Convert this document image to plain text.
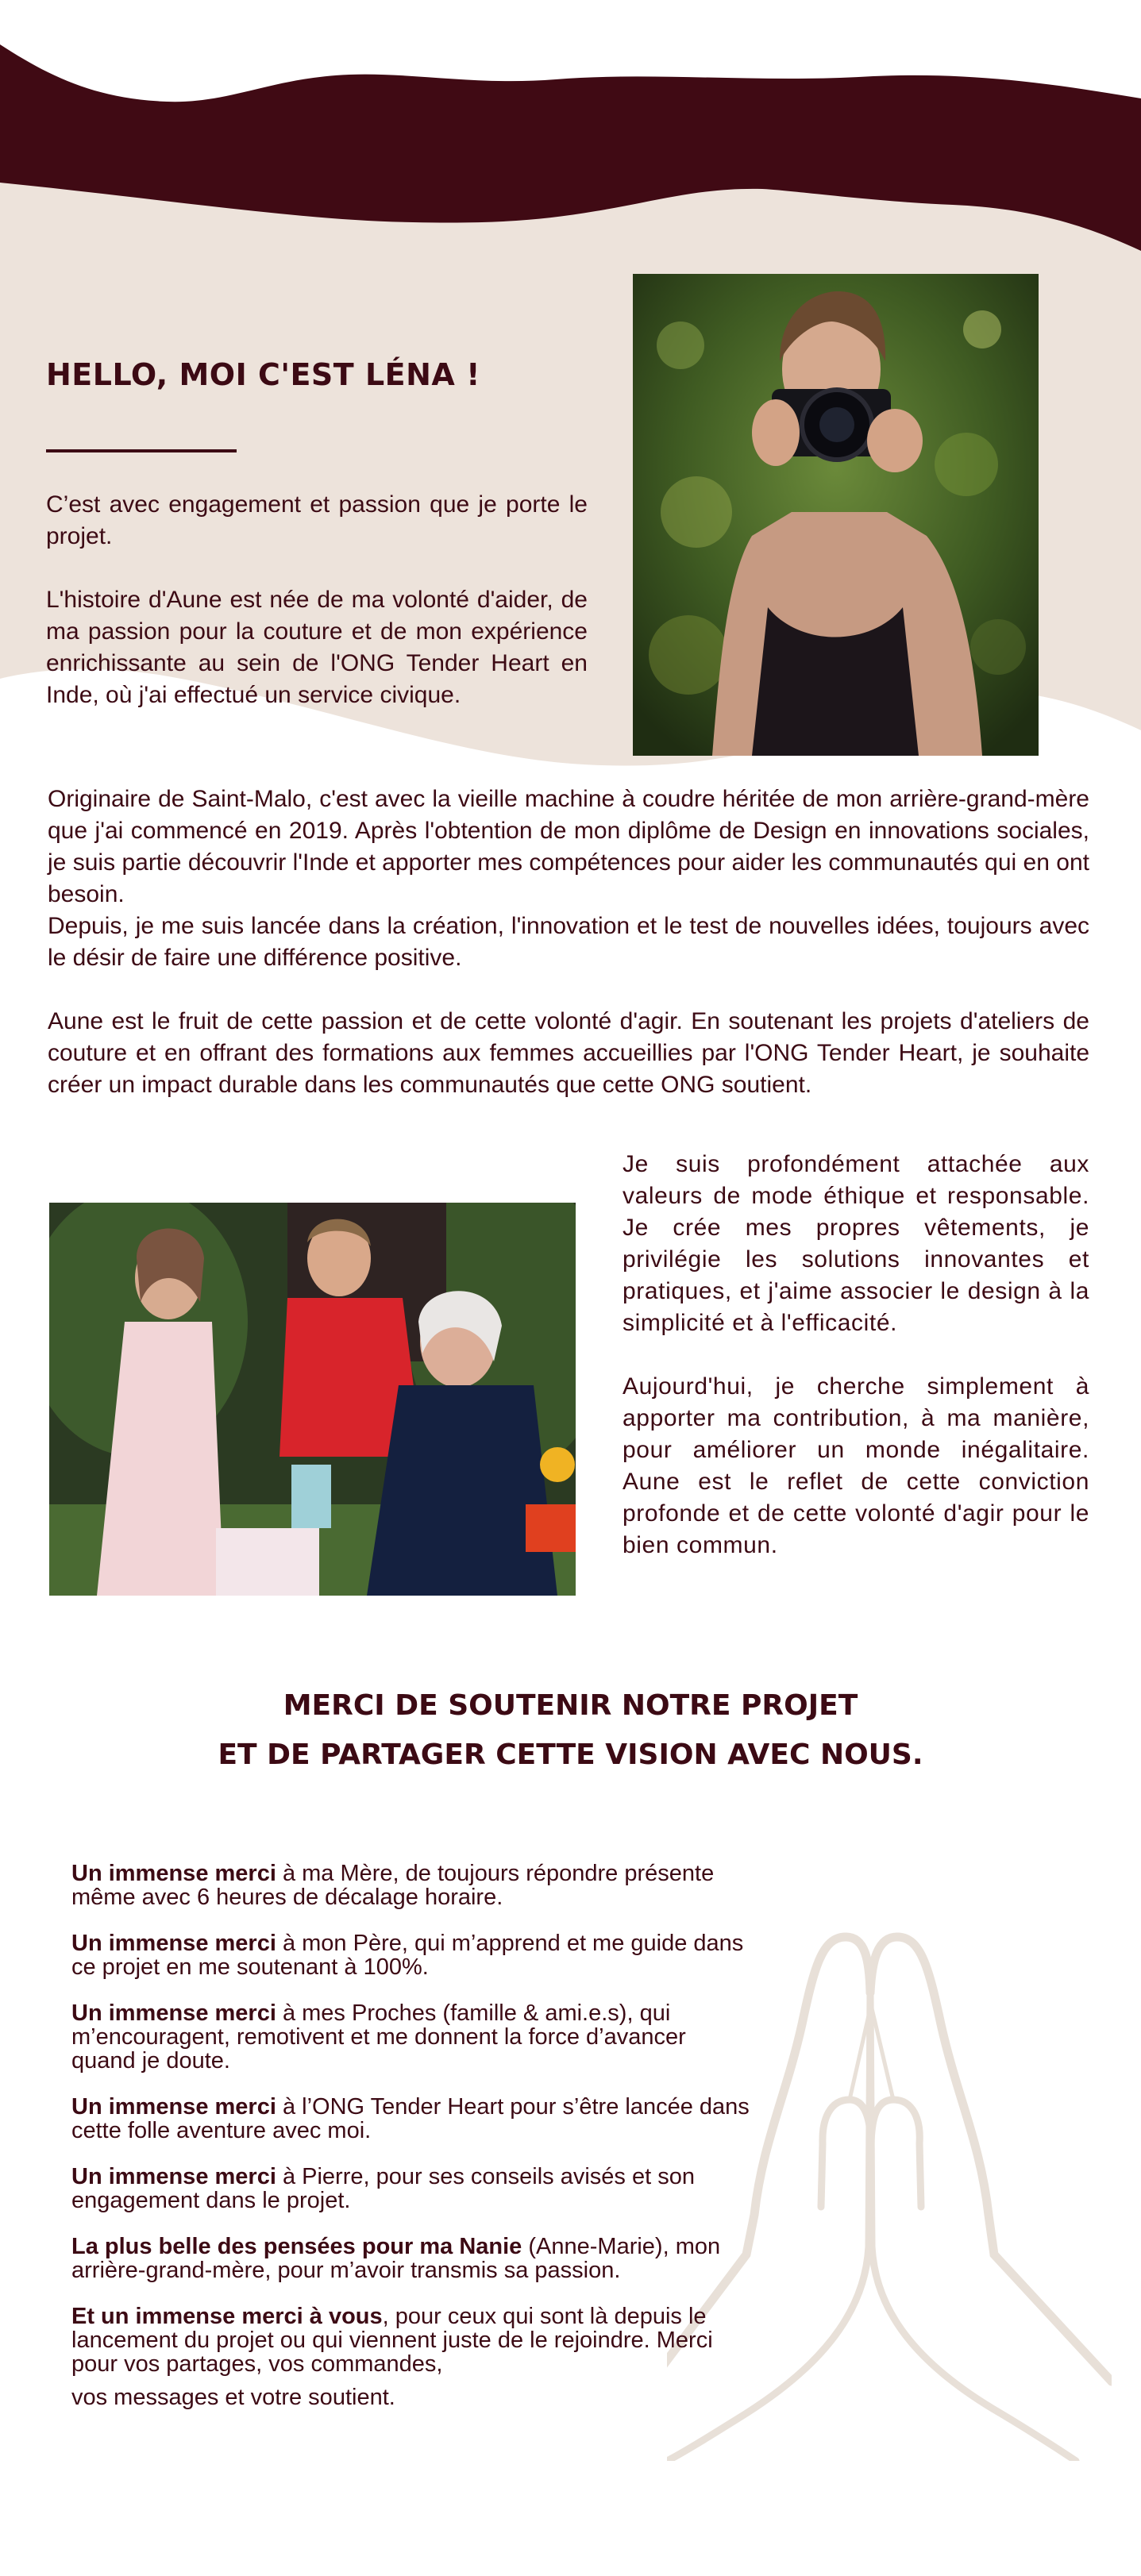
HELLO, MOI C'EST LÉNA !

C’est avec engagement et passion que je porte le projet.

L'histoire d'Aune est née de ma volonté d'aider, de ma passion pour la couture et de mon expérience enrichissante au sein de l'ONG Tender Heart en Inde, où j'ai effectué un service civique.

Originaire de Saint-Malo, c'est avec la vieille machine à coudre héritée de mon arrière-grand-mère que j'ai commencé en 2019. Après l'obtention de mon diplôme de Design en innovations sociales, je suis partie découvrir l'Inde et apporter mes compétences pour aider les communautés qui en ont besoin.

Depuis, je me suis lancée dans la création, l'innovation et le test de nouvelles idées, toujours avec le désir de faire une différence positive.

Aune est le fruit de cette passion et de cette volonté d'agir. En soutenant les projets d'ateliers de couture et en offrant des formations aux femmes accueillies par l'ONG Tender Heart, je souhaite créer un impact durable dans les communautés que cette ONG soutient.

Je suis profondément attachée aux valeurs de mode éthique et responsable. Je crée mes propres vêtements, je privilégie les solutions innovantes et pratiques, et j'aime associer le design à la simplicité et à l'efficacité.

Aujourd'hui, je cherche simplement à apporter ma contribution, à ma manière, pour améliorer un monde inégalitaire. Aune est le reflet de cette conviction profonde et de cette volonté d'agir pour le bien commun.

MERCI DE SOUTENIR NOTRE PROJET
ET DE PARTAGER CETTE VISION AVEC NOUS.

Un immense merci à ma Mère, de toujours répondre présente même avec 6 heures de décalage horaire.

Un immense merci à mon Père, qui m’apprend et me guide dans ce projet en me soutenant à 100%.

Un immense merci à mes Proches (famille & ami.e.s), qui m’encouragent, remotivent et me donnent la force d’avancer quand je doute.

Un immense merci à l’ONG Tender Heart pour s’être lancée dans cette folle aventure avec moi.

Un immense merci à Pierre, pour ses conseils avisés et son engagement dans le projet.

La plus belle des pensées pour ma Nanie (Anne-Marie), mon arrière-grand-mère, pour m’avoir transmis sa passion.

Et un immense merci à vous, pour ceux qui sont là depuis le lancement du projet ou qui viennent juste de le rejoindre. Merci pour vos partages, vos commandes,
vos messages et votre soutient.
